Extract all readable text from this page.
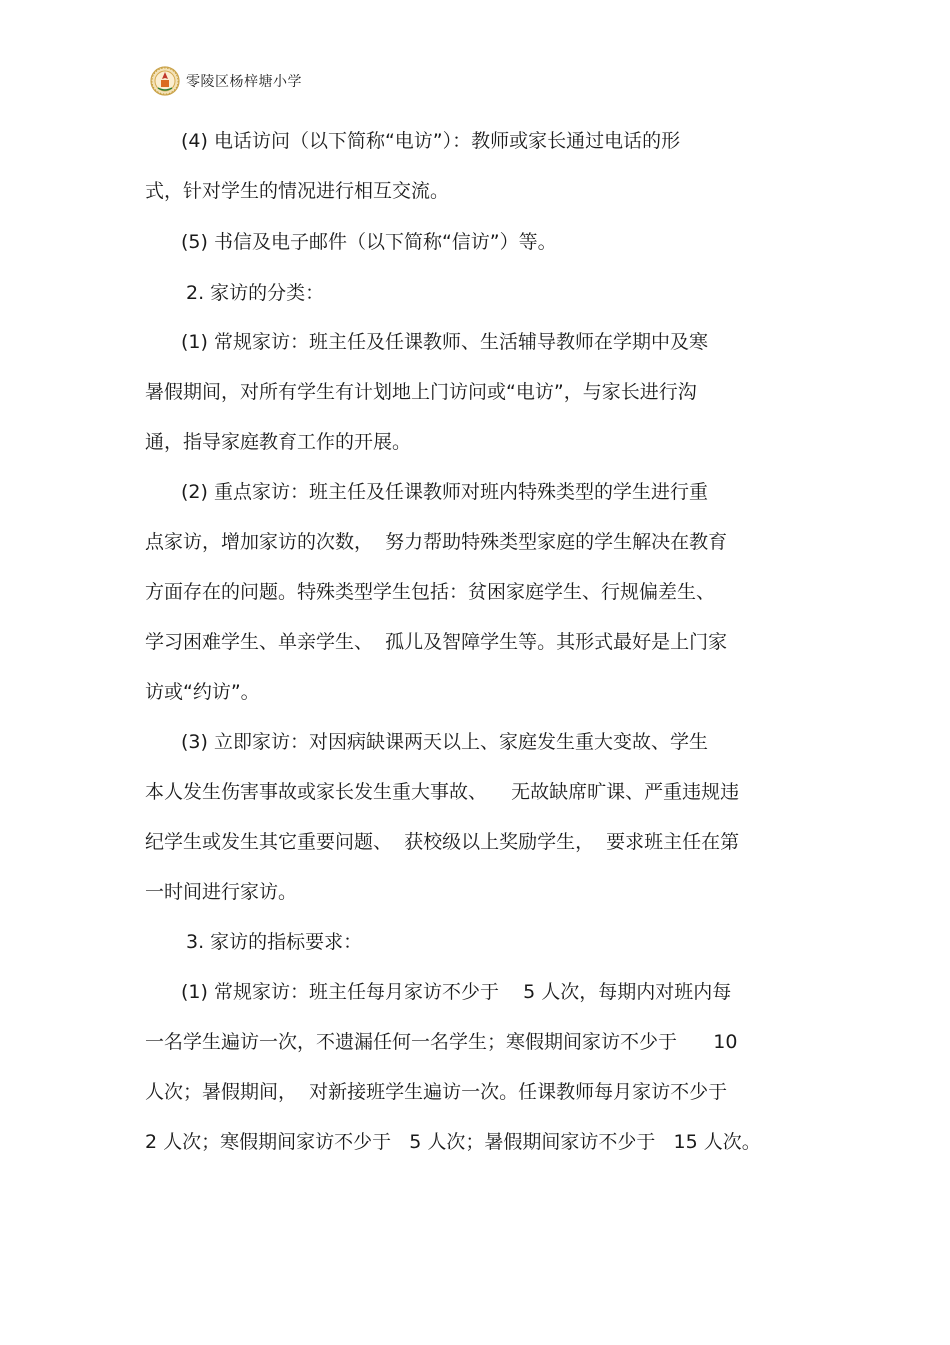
零陵区杨梓塘小学
(4) 电话访问（以下简称“电访”）：教师或家长通过电话的形
式，针对学生的情况进行相互交流。
(5) 书信及电子邮件（以下简称“信访”）等。
2. 家访的分类：
(1) 常规家访：班主任及任课教师、生活辅导教师在学期中及寒
暑假期间，对所有学生有计划地上门访问或“电访”，与家长进行沟
通，指导家庭教育工作的开展。
(2) 重点家访：班主任及任课教师对班内特殊类型的学生进行重
点家访，增加家访的次数，  努力帮助特殊类型家庭的学生解决在教育
方面存在的问题。特殊类型学生包括：贫困家庭学生、行规偏差生、
学习困难学生、单亲学生、  孤儿及智障学生等。其形式最好是上门家
访或“约访”。
(3) 立即家访：对因病缺课两天以上、家庭发生重大变故、学生
本人发生伤害事故或家长发生重大事故、    无故缺席旷课、严重违规违
纪学生或发生其它重要问题、  获校级以上奖励学生，  要求班主任在第
一时间进行家访。
3. 家访的指标要求：
(1) 常规家访：班主任每月家访不少于    5 人次，每期内对班内每
一名学生遍访一次，不遗漏任何一名学生；寒假期间家访不少于      10
人次；暑假期间，  对新接班学生遍访一次。任课教师每月家访不少于
2 人次；寒假期间家访不少于   5 人次；暑假期间家访不少于   15 人次。
